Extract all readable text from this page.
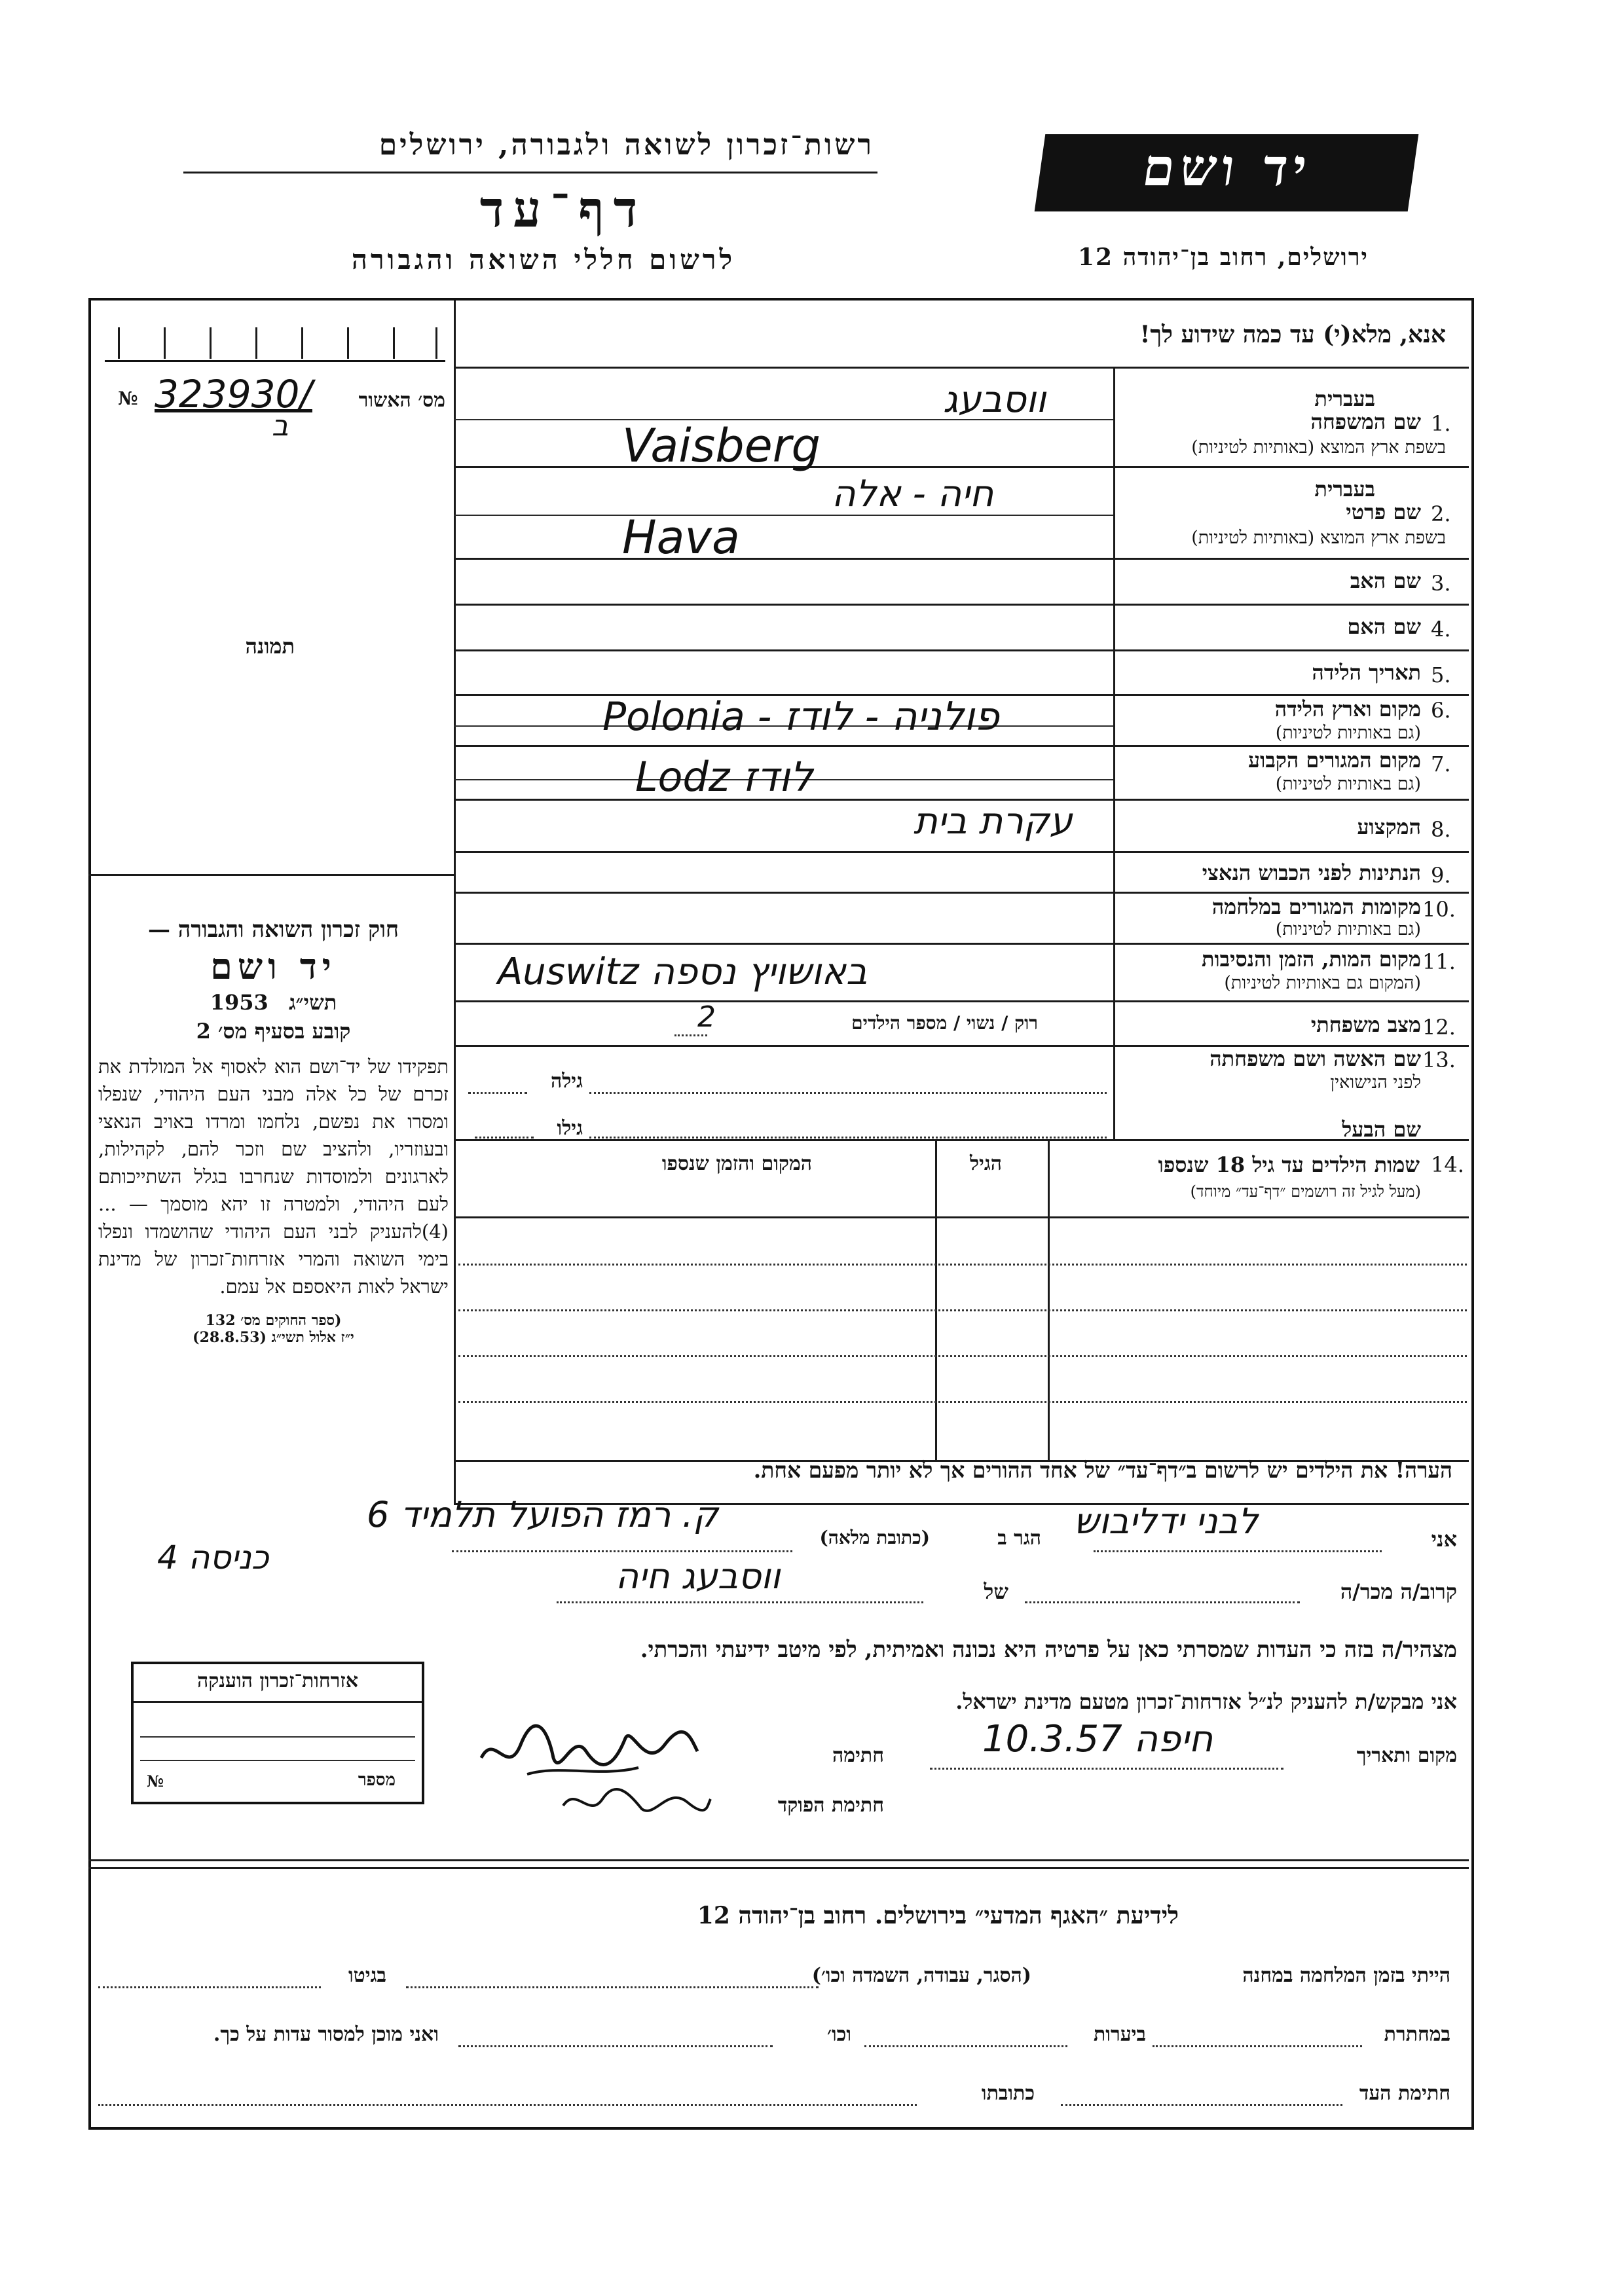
רשות־זכרון לשואה ולגבורה, ירושלים
דף־עד
לרשום חללי השואה והגבורה
יד ושם
ירושלים, רחוב בן־יהודה 12
אנא, מלא(י) עד כמה שידוע לך!
№ 323930/ מס׳ האשור
ב
תמונה
בעברית
1.
שם המשפחה
בשפת ארץ המוצא (באותיות לטיניות)
ווסבעג
Vaisberg
בעברית
2.
שם פרטי
בשפת ארץ המוצא (באותיות לטיניות)
חיה - אלה
Hava
3.
שם האב
4.
שם האם
5.
תאריך הלידה
6.
מקום וארץ הלידה
(גם באותיות לטיניות)
Polonia - פולניה - לודז
7.
מקום המגורים הקבוע
(גם באותיות לטיניות)
Lodz לודז
8.
המקצוע
עקרת בית
9.
הנתינות לפני הכבוש הנאצי
10.
מקומות המגורים במלחמה
(גם באותיות לטיניות)
11.
מקום המות, הזמן והנסיבות
(המקום גם באותיות לטיניות)
Auswitz באושויץ נספה
12.
מצב משפחתי
רוק / נשוי / מספר הילדים
2
13.
שם האשה ושם משפחתה
לפני הנישואין
גילה
שם הבעל
גילו
חוק זכרון השואה והגבורה —
יד ושם
תשי״ג 1953
קובע בסעיף מס׳ 2
תפקידו של יד־ושם הוא לאסוף אל המולדת את זכרם של כל אלה מבני העם היהודי, שנפלו ומסרו את נפשם, נלחמו ומרדו באויב הנאצי ובעוזריו, ולהציב שם וזכר להם, לקהילות, לארגונים ולמוסדות שנחרבו בגלל השתייכותם לעם היהודי, ולמטרה זו יהא מוסמך — ...(4)להעניק לבני העם היהודי שהושמדו ונפלו בימי השואה והמרי אזרחות־זכרון של מדינת ישראל לאות היאספם אל עמם.
(ספר החוקים מס׳ 132
י״ז אלול תשי״ג (28.8.53)
14.
שמות הילדים עד גיל 18 שנספו
(מעל לגיל זה רושמים ״דף־עד״ מיוחד)
הגיל
המקום והזמן שנספו
הערה! את הילדים יש לרשום ב״דף־עד״ של אחד ההורים אך לא יותר מפעם אחת.
אני
לבני ידליבוש
הגר ב
(כתובת מלאה)
ק. רמז הפועל תלמיד 6
כניסה 4
קרוב/ה מכר/ה
של
ווסבעג חיה
מצהיר/ה בזה כי העדות שמסרתי כאן על פרטיה היא נכונה ואמיתית, לפי מיטב ידיעתי והכרתי.
אני מבקש/ת להעניק לנ״ל אזרחות־זכרון מטעם מדינת ישראל.
מקום ותאריך
חיפה 10.3.57
חתימה
חתימת הפוקד
אזרחות־זכרון הוענקה
מספר
№
לידיעת ״האגף המדעי״ בירושלים. רחוב בן־יהודה 12
הייתי בזמן המלחמה במחנה
(הסגר, עבודה, השמדה וכו׳)
בגיטו
במחתרת
ביערות
וכו׳
ואני מוכן למסור עדות על כך.
חתימת העד
כתובתו
